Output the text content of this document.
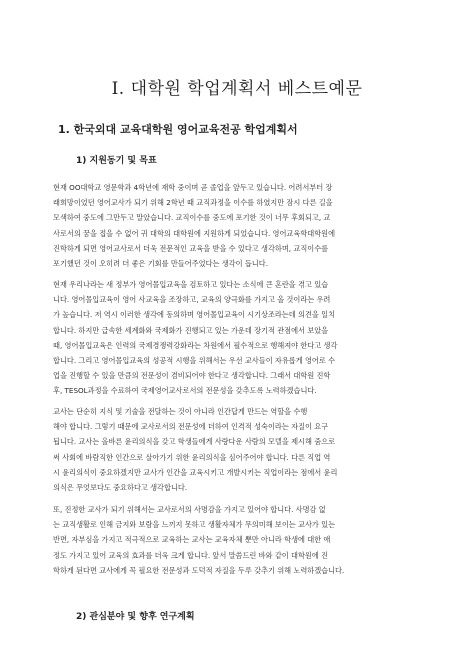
Ⅰ. 대학원 학업계획서 베스트예문
1. 한국외대 교육대학원 영어교육전공 학업계획서
1) 지원동기 및 목표
현재 OO대학교 영문학과 4학년에 재학 중이며 곧 졸업을 앞두고 있습니다. 어려서부터 장
래희망이었던 영어교사가 되기 위해 2학년 때 교직과정을 이수를 하였지만 잠시 다른 길을
모색하여 중도에 그만두고 말았습니다. 교직이수를 중도에 포기한 것이 너무 후회되고, 교
사로서의 꿈을 접을 수 없어 귀 대학의 대학원에 지원하게 되었습니다. 영어교육학대학원에
진학하게 되면 영어교사로서 더욱 전문적인 교육을 받을 수 있다고 생각하며, 교직이수를
포기했던 것이 오히려 더 좋은 기회를 만들어주었다는 생각이 듭니다.
현재 우리나라는 새 정부가 영어몰입교육을 검토하고 있다는 소식에 큰 혼란을 겪고 있습
니다. 영어몰입교육이 영어 사교육을 조장하고, 교육의 양극화를 가지고 올 것이라는 우려
가 높습니다. 저 역시 이러한 생각에 동의하며 영어몰입교육이 시기상조라는데 의견을 일치
합니다. 하지만 급속한 세계화와 국제화가 진행되고 있는 가운데 장기적 관점에서 보았을
때, 영어몰입교육은 인력의 국제경쟁력강화라는 차원에서 필수적으로 행해져야 한다고 생각
합니다. 그리고 영어몰입교육의 성공적 시행을 위해서는 우선 교사들이 자유롭게 영어로 수
업을 진행할 수 있을 만큼의 전문성이 겸비되어야 한다고 생각합니다. 그래서 대학원 진학
후, TESOL과정을 수료하여 국제영어교사로서의 전문성을 갖추도록 노력하겠습니다.
교사는 단순히 지식 및 기술을 전달하는 것이 아니라 인간답게 만드는 역할을 수행
해야 합니다. 그렇기 때문에 교사로서의 전문성에 더하여 인격적 성숙이라는 자질이 요구
됩니다. 교사는 올바른 윤리의식을 갖고 학생들에게 사랑다운 사람의 모델을 제시해 줌으로
써 사회에 바람직한 인간으로 살아가기 위한 윤리의식을 심어주어야 합니다. 다른 직업 역
시 윤리의식이 중요하겠지만 교사가 인간을 교육시키고 개발시키는 직업이라는 점에서 윤리
의식은 무엇보다도 중요하다고 생각합니다.
또, 진정한 교사가 되기 위해서는 교사로서의 사명감을 가지고 있어야 합니다. 사명감 없
는 교직생활로 인해 금지와 보람을 느끼지 못하고 생활자체가 무의미해 보이는 교사가 있는
반면, 자부심을 가지고 적극적으로 교육하는 교사는 교육자체 뿐만 아니라 학생에 대한 애
정도 가지고 있어 교육의 효과를 더욱 크게 합니다. 앞서 말씀드린 바와 같이 대학원에 진
학하게 된다면 교사에게 꼭 필요한 전문성과 도덕적 자질을 두루 갖추기 위해 노력하겠습니다.
2) 관심분야 및 향후 연구계획
